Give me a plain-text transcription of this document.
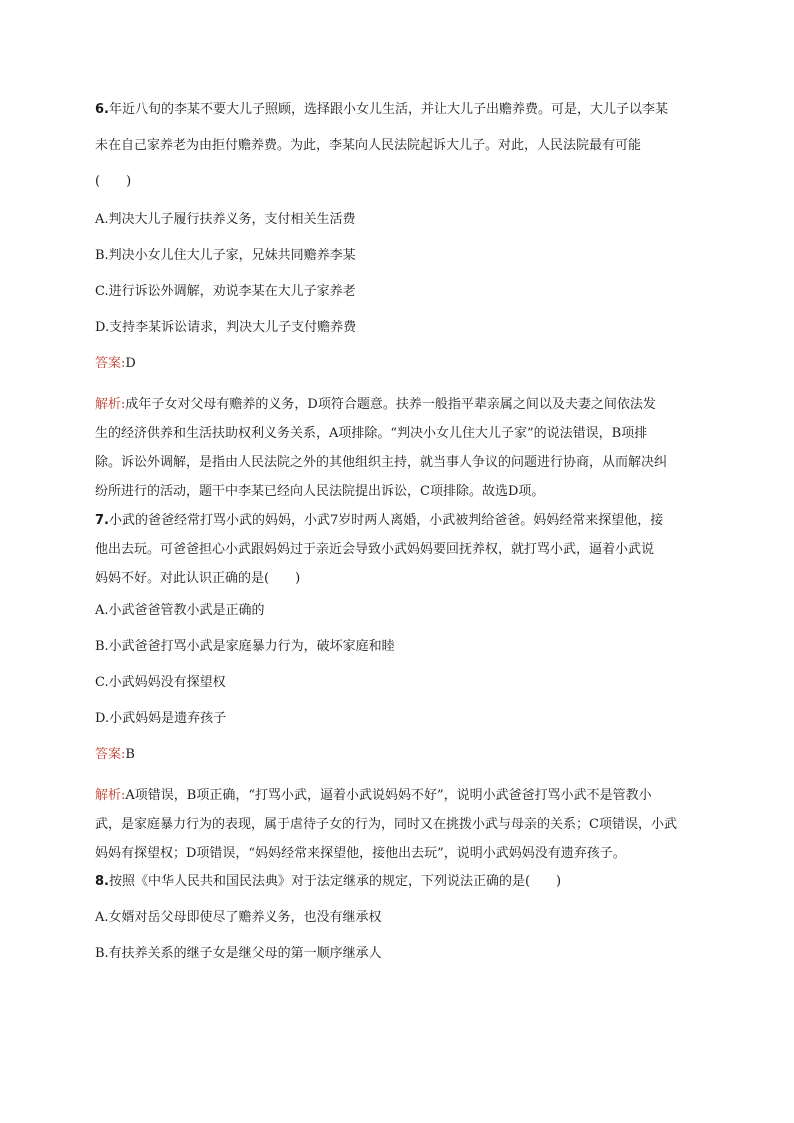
6.年近八旬的李某不要大儿子照顾，选择跟小女儿生活，并让大儿子出赡养费。可是，大儿子以李某

未在自己家养老为由拒付赡养费。为此，李某向人民法院起诉大儿子。对此，人民法院最有可能

(　　)

A.判决大儿子履行扶养义务，支付相关生活费

B.判决小女儿住大儿子家，兄妹共同赡养李某

C.进行诉讼外调解，劝说李某在大儿子家养老

D.支持李某诉讼请求，判决大儿子支付赡养费

答案:D

解析:成年子女对父母有赡养的义务，D项符合题意。扶养一般指平辈亲属之间以及夫妻之间依法发
生的经济供养和生活扶助权利义务关系，A项排除。“判决小女儿住大儿子家”的说法错误，B项排
除。诉讼外调解，是指由人民法院之外的其他组织主持，就当事人争议的问题进行协商，从而解决纠
纷所进行的活动，题干中李某已经向人民法院提出诉讼，C项排除。故选D项。
7.小武的爸爸经常打骂小武的妈妈，小武7岁时两人离婚，小武被判给爸爸。妈妈经常来探望他，接
他出去玩。可爸爸担心小武跟妈妈过于亲近会导致小武妈妈要回抚养权，就打骂小武，逼着小武说
妈妈不好。对此认识正确的是(　　)

A.小武爸爸管教小武是正确的

B.小武爸爸打骂小武是家庭暴力行为，破坏家庭和睦

C.小武妈妈没有探望权

D.小武妈妈是遗弃孩子

答案:B

解析:A项错误，B项正确，“打骂小武，逼着小武说妈妈不好”，说明小武爸爸打骂小武不是管教小
武，是家庭暴力行为的表现，属于虐待子女的行为，同时又在挑拨小武与母亲的关系；C项错误，小武
妈妈有探望权；D项错误，“妈妈经常来探望他，接他出去玩”，说明小武妈妈没有遗弃孩子。

8.按照《中华人民共和国民法典》对于法定继承的规定，下列说法正确的是(　　)

A.女婿对岳父母即使尽了赡养义务，也没有继承权

B.有扶养关系的继子女是继父母的第一顺序继承人
